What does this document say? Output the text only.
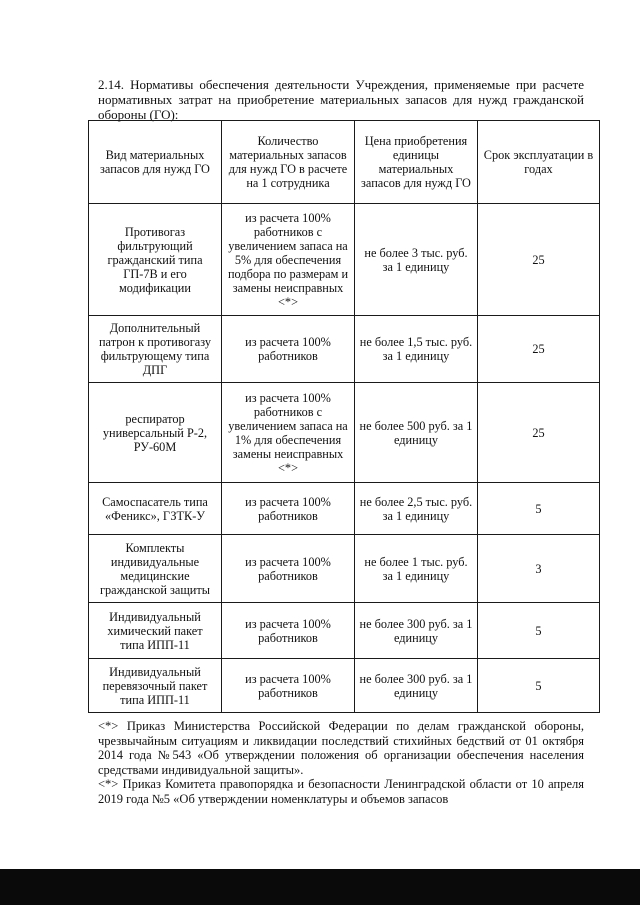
2.14. Нормативы обеспечения деятельности Учреждения, применяемые при расчете нормативных затрат на приобретение материальных запасов для нужд гражданской обороны (ГО):

Вид материальных запасов для нужд ГО	Количество материальных запасов для нужд ГО в расчете на 1 сотрудника	Цена приобретения единицы материальных запасов для нужд ГО	Срок эксплуатации в годах
Противогаз фильтрующий гражданский типа ГП-7В и его модификации	из расчета 100% работников с увеличением запаса на 5% для обеспечения подбора по размерам и замены неисправных <*>	не более 3 тыс. руб. за 1 единицу	25
Дополнительный патрон к противогазу фильтрующему типа ДПГ	из расчета 100% работников	не более 1,5 тыс. руб. за 1 единицу	25
респиратор универсальный Р-2, РУ-60М	из расчета 100% работников с увеличением запаса на 1% для обеспечения замены неисправных <*>	не более 500 руб. за 1 единицу	25
Самоспасатель типа «Феникс», ГЗТК-У	из расчета 100% работников	не более 2,5 тыс. руб. за 1 единицу	5
Комплекты индивидуальные медицинские гражданской защиты	из расчета 100% работников	не более 1 тыс. руб. за 1 единицу	3
Индивидуальный химический пакет типа ИПП-11	из расчета 100% работников	не более 300 руб. за 1 единицу	5
Индивидуальный перевязочный пакет типа ИПП-11	из расчета 100% работников	не более 300 руб. за 1 единицу	5

<*> Приказ Министерства Российской Федерации по делам гражданской обороны, чрезвычайным ситуациям и ликвидации последствий стихийных бедствий от 01 октября 2014 года №543 «Об утверждении положения об организации обеспечения населения средствами индивидуальной защиты».

<*> Приказ Комитета правопорядка и безопасности Ленинградской области от 10 апреля 2019 года №5 «Об утверждении номенклатуры и объемов запасов
